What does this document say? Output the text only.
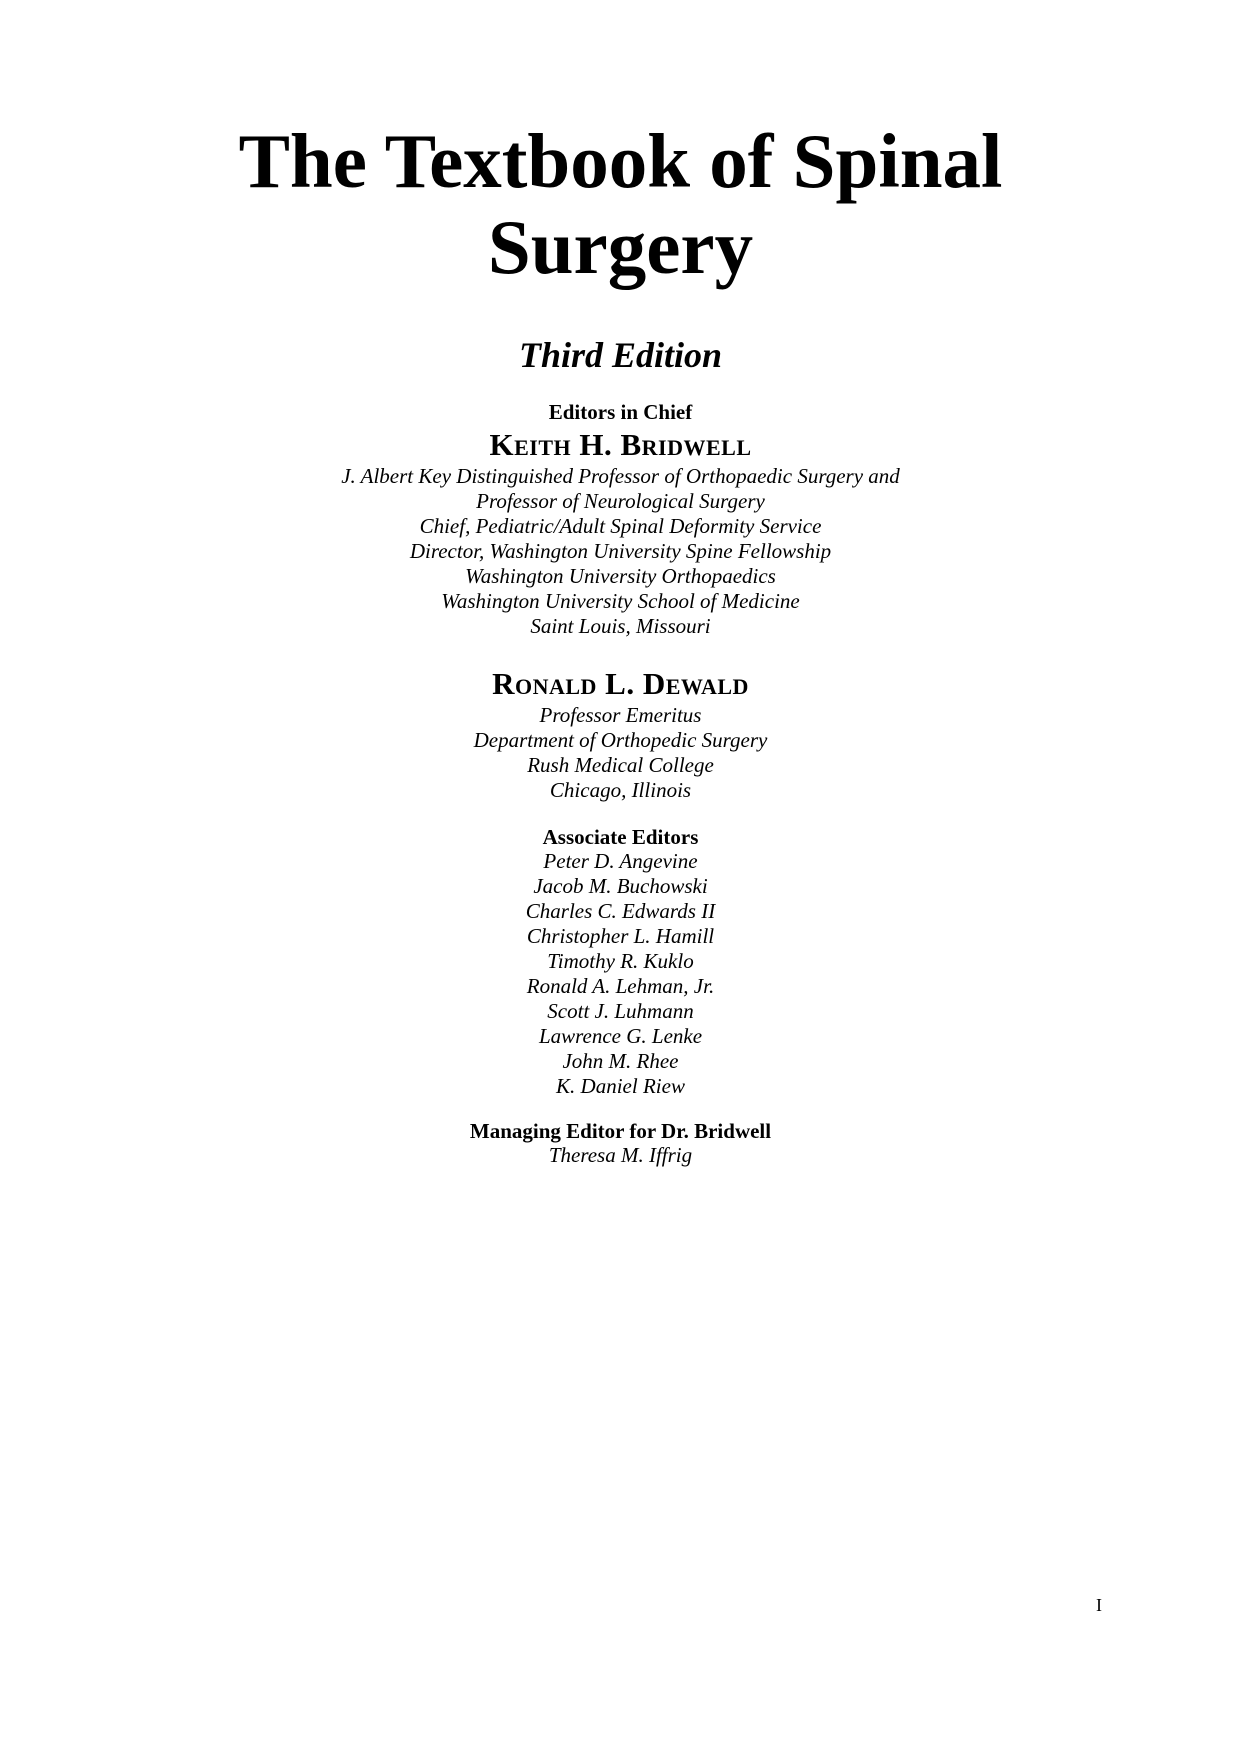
The Textbook of Spinal
Surgery
Third Edition
Editors in Chief
Keith H. Bridwell
J. Albert Key Distinguished Professor of Orthopaedic Surgery and
Professor of Neurological Surgery
Chief, Pediatric/Adult Spinal Deformity Service
Director, Washington University Spine Fellowship
Washington University Orthopaedics
Washington University School of Medicine
Saint Louis, Missouri
Ronald L. Dewald
Professor Emeritus
Department of Orthopedic Surgery
Rush Medical College
Chicago, Illinois
Associate Editors
Peter D. Angevine
Jacob M. Buchowski
Charles C. Edwards II
Christopher L. Hamill
Timothy R. Kuklo
Ronald A. Lehman, Jr.
Scott J. Luhmann
Lawrence G. Lenke
John M. Rhee
K. Daniel Riew
Managing Editor for Dr. Bridwell
Theresa M. Iffrig
I
